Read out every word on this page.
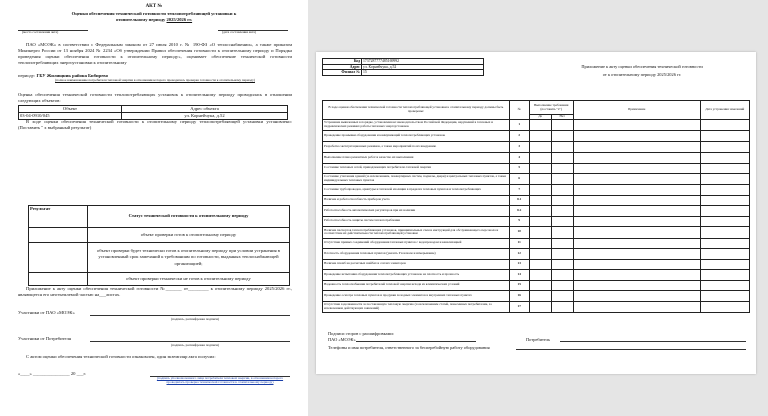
АКТ №
Оценки обеспечения технической готовности теплопотребляющей установки к
отопительному периоду 2025/2026 гг.
(место составления акта)	(дата составления акта)
ПАО «МОЭК» в соответствии с Федеральным законом от 27 июля 2010 г. № 190-ФЗ «О теплоснабжении», а также приказом Минэнерго России от 13 ноября 2024 № 2234 «Об утверждении Правил обеспечения готовности к отопительному периоду и Порядка проведения оценки обеспечения готовности к отопительному периоду», оценивает обеспечение технической готовности теплопотребляющих энергоустановки к отопительному
периоду: ГБУ Жилищник района Бибирево
(полное наименование потребителя тепловой энергии в отношении которого проводилась проверка готовности к отопительному периоду)
Оценка обеспечения технической готовности теплопотребляющих установок к отопительному периоду проводилась в отношении следующих объектов:
Объект	Адрес объекта
03-04-0910/045	ул. Корнейчука, д.52
В ходе оценки обеспечения технической готовности к отопительному периоду теплопотребляющей установки установлено: (Поставить " x выбранный результат)
Результат	Статус технической готовности к отопительному периоду
	объект проверки готов к отопительному периоду
	объект проверки будет технически готов к отопительному периоду при условии устранения в установленный срок замечаний к требованиям по готовности, выданных теплоснабжающей организацией;
	объект проверки технически не готов к отопительному периоду
Приложение к акту оценки обеспечения технической готовности №_______ от_________ к отопительному периоду 2025/2026 гг., являющееся его неотъемлемой частью на___листах.
Участники от ПАО «МОЭК»
(подпись, расшифровка подписи)
Участники от Потребителя
(подпись, расшифровка подписи)
С актом оценки обеспечения технической готовности ознакомлен, один экземпляр акта получил:
«____» ________________ 20 ___г.
(подпись уполномоченного лица потребителя тепловой энергии, в отношении которого проводилась проверка технической готовности к отопительному периоду)
Код	1737287777485169992
Адрес	ул. Корнейчука, д.52
Филиал №	15
Приложение к акту оценки обеспечения технической готовности
от к отопительному периоду 2025/2026 гг.
В ходе оценки обеспечения технической готовности теплопотребляющей установки к отопительному периоду должны быть проверены:	№	Выполнение требования (поставить "x")		Примечание	Дата устранения замечаний
		Да	Нет		
Устранение выявленных в порядке, установленном законодательством Российской Федерации, нарушений в тепловых и гидравлических режимах работы тепловых энергоустановок	1				
Проведение промывки оборудования и коммуникаций теплопотребляющих установок	2				
Разработка эксплуатационных режимов, а также мероприятий по их внедрению	3				
Выполнение плана ремонтных работ и качество их выполнения	4				
Состояние тепловых сетей, принадлежащих потребителю тепловой энергии	5				
Состояние утепления зданий (за исключением, поквартирных систем, подвалы, двери) и центральных тепловых пунктов, а также индивидуальных тепловых пунктов	6				
Состояние трубопроводов, арматуры и тепловой изоляции в пределах тепловых пунктов и теплопотребляющих	7				
Наличие и работоспособность приборов учета	8.1				
Работоспособность автоматических регуляторов при их наличии	8.2				
Работоспособность защиты систем теплопотребления	9				
Наличие паспортов теплопотребляющих установок, принципиальных схем и инструкций для обслуживающего персонала и соответствие их действительности теплопотребляющей установки	10				
Отсутствие прямых соединений оборудования тепловых пунктов с водопроводом и канализацией	11				
Плотность оборудования тепловых пунктов (указать P в начале и измерьмание)	12				
Наличие пломб на расчетных шайбах и соплах элеваторов	13				
Проведение испытания оборудования теплопотребляющих установок на плотность и прочность	14				
Надежность теплоснабжения потребителей тепловой энергии исходя из климатических условий	15				
Проведение осмотра тепловых пунктов и продувки холодных элементов в внутренних тепловых пунктах	16				
Отсутствие задолженности за поставленную тепловую энергию (за исключением статей, понесенных потребителем, за исключением действующих заявлений)	17				
Подписи сторон с расшифровками:
ПАО «МОЭК»	Потребитель
Телефоны и имя потребителя, ответственного за бесперебойную работу оборудования
